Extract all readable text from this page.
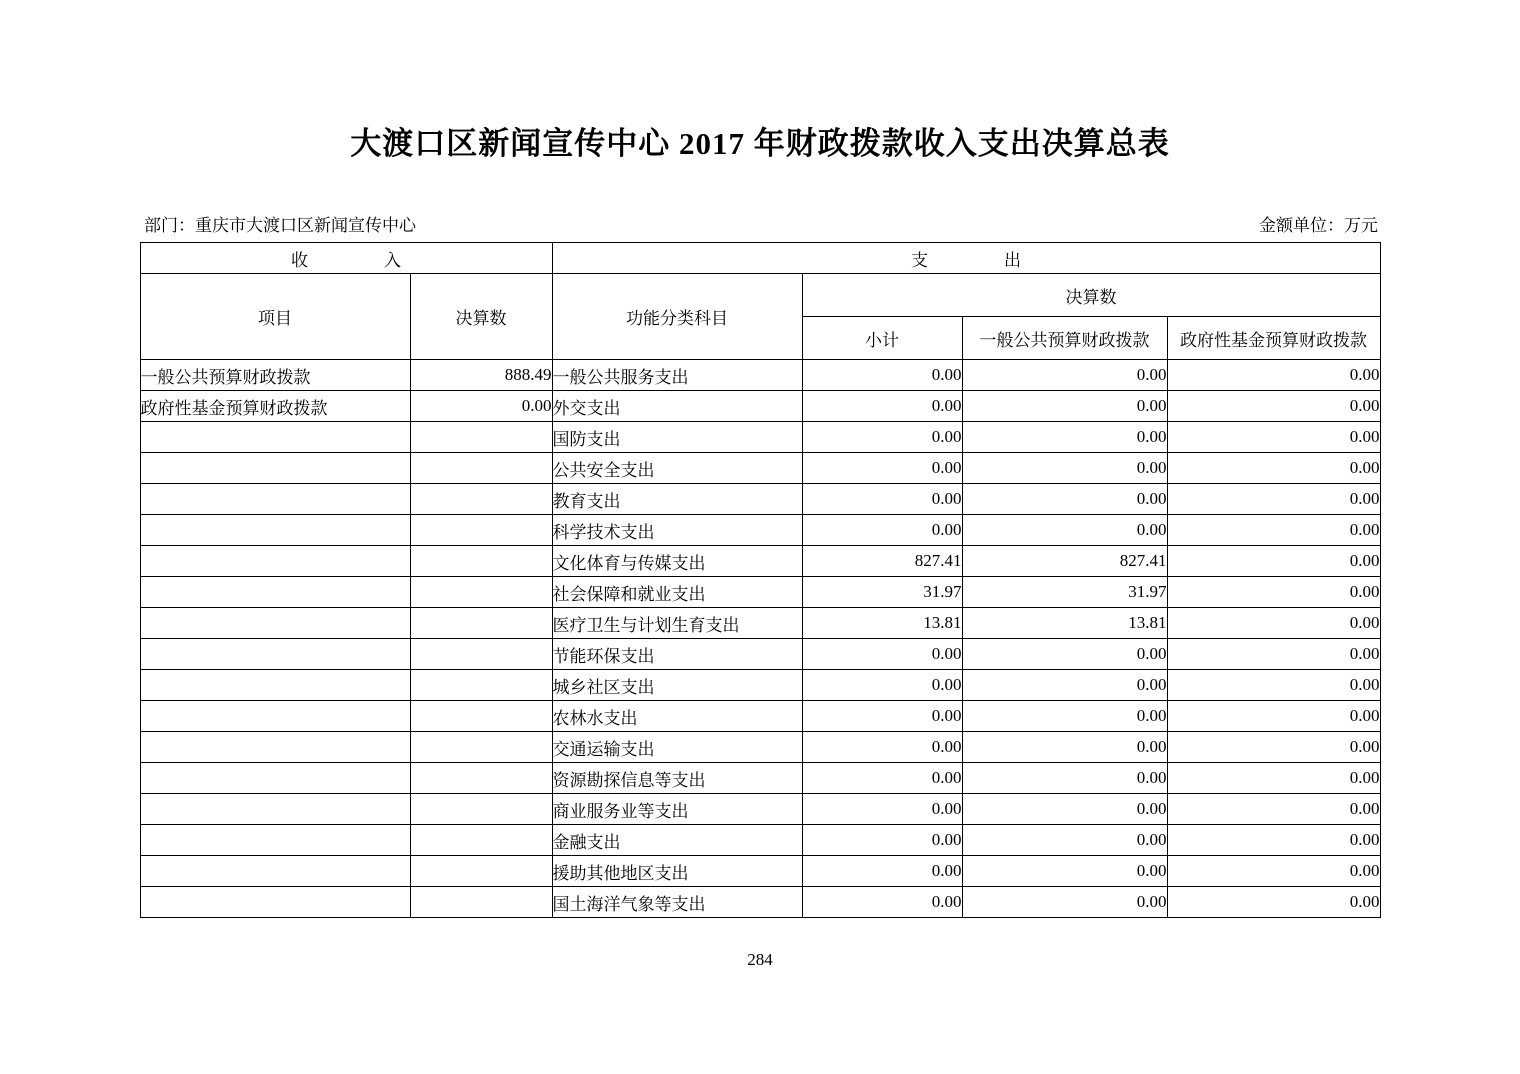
大渡口区新闻宣传中心 2017 年财政拨款收入支出决算总表
部门：重庆市大渡口区新闻宣传中心	金额单位：万元
收　　入		支　　出			
项目	决算数	功能分类科目	决算数		
			小计	一般公共预算财政拨款	政府性基金预算财政拨款
一般公共预算财政拨款	888.49	一般公共服务支出	0.00	0.00	0.00
政府性基金预算财政拨款	0.00	外交支出	0.00	0.00	0.00
		国防支出	0.00	0.00	0.00
		公共安全支出	0.00	0.00	0.00
		教育支出	0.00	0.00	0.00
		科学技术支出	0.00	0.00	0.00
		文化体育与传媒支出	827.41	827.41	0.00
		社会保障和就业支出	31.97	31.97	0.00
		医疗卫生与计划生育支出	13.81	13.81	0.00
		节能环保支出	0.00	0.00	0.00
		城乡社区支出	0.00	0.00	0.00
		农林水支出	0.00	0.00	0.00
		交通运输支出	0.00	0.00	0.00
		资源勘探信息等支出	0.00	0.00	0.00
		商业服务业等支出	0.00	0.00	0.00
		金融支出	0.00	0.00	0.00
		援助其他地区支出	0.00	0.00	0.00
		国土海洋气象等支出	0.00	0.00	0.00
284
